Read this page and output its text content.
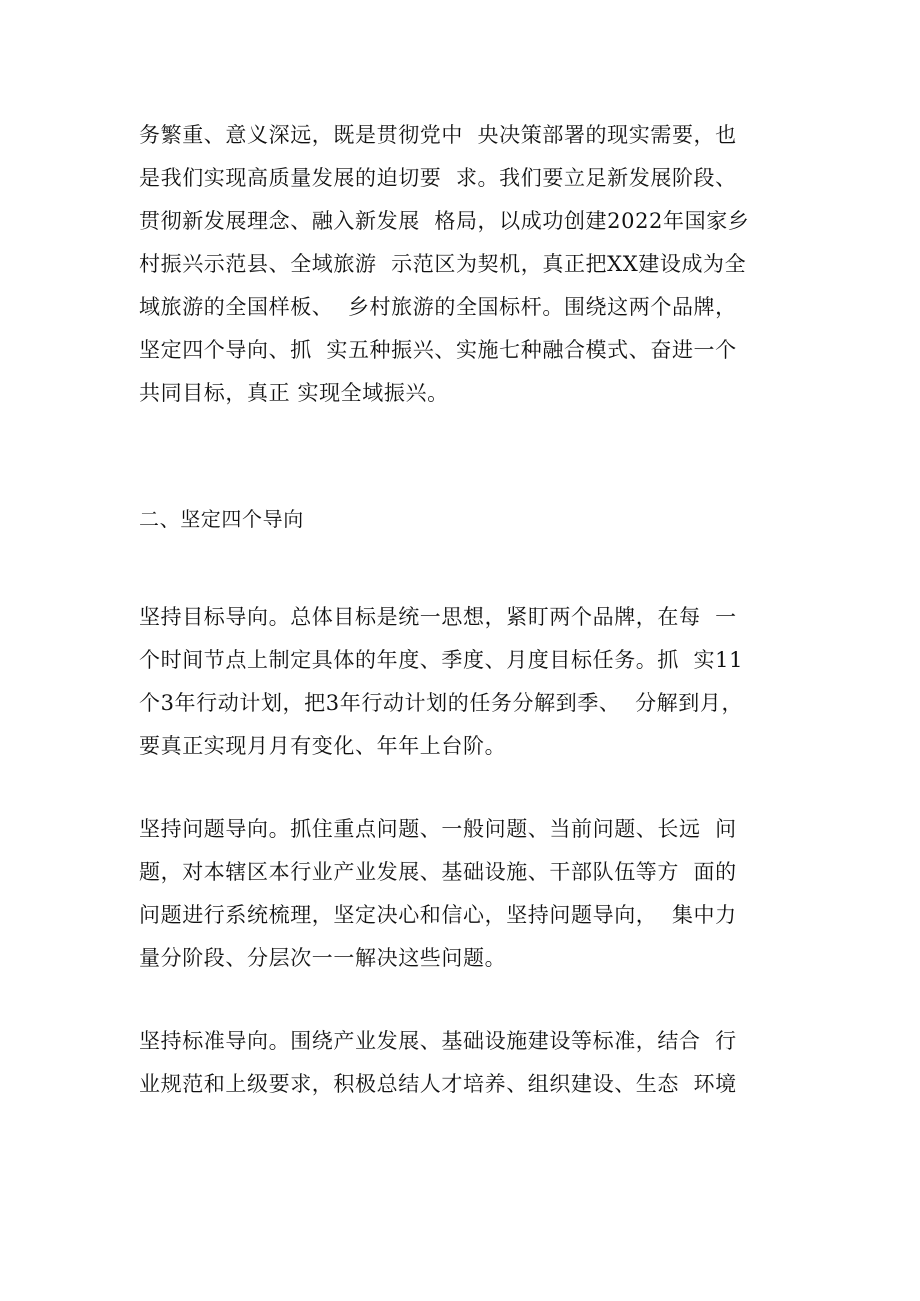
务繁重、意义深远，既是贯彻党中  央决策部署的现实需要，也
是我们实现高质量发展的迫切要  求。我们要立足新发展阶段、
贯彻新发展理念、融入新发展  格局，以成功创建2022年国家乡
村振兴示范县、全域旅游  示范区为契机，真正把XX建设成为全
域旅游的全国样板、  乡村旅游的全国标杆。围绕这两个品牌，
坚定四个导向、抓  实五种振兴、实施七种融合模式、奋进一个
共同目标，真正 实现全域振兴。
二、坚定四个导向
坚持目标导向。总体目标是统一思想，紧盯两个品牌，在每  一
个时间节点上制定具体的年度、季度、月度目标任务。抓  实11
个3年行动计划，把3年行动计划的任务分解到季、  分解到月，
要真正实现月月有变化、年年上台阶。
坚持问题导向。抓住重点问题、一般问题、当前问题、长远  问
题，对本辖区本行业产业发展、基础设施、干部队伍等方  面的
问题进行系统梳理，坚定决心和信心，坚持问题导向，  集中力
量分阶段、分层次一一解决这些问题。
坚持标准导向。围绕产业发展、基础设施建设等标准，结合  行
业规范和上级要求，积极总结人才培养、组织建设、生态  环境
